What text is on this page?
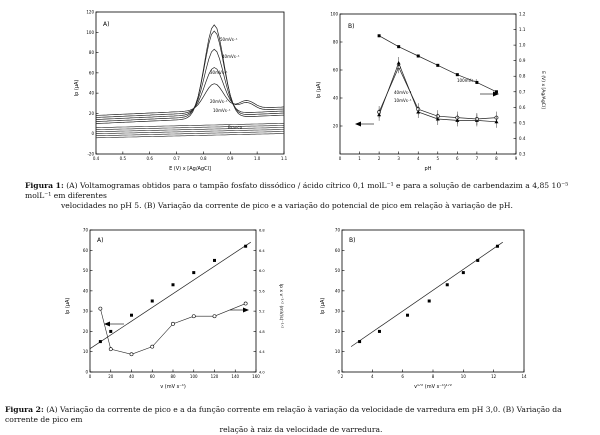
-20
0
20
40
60
80
100
120
0.4	0.5	0.6	0.7	0.8	0.9	1.0	1.1
A)
Ip (µA)
E (V) x [Ag/AgCl]
50mVs⁻¹
40mVs⁻¹
30mVs⁻¹
20mVs⁻¹
10mVs⁻¹
Branco	20
40
60
80
100
0.3
0.4
0.5
0.6
0.7
0.8
0.9
1.0
1.1
1.2
0	1	2	3	4	5	6	7	8	9
B)
Ip (µA)	E (V) x [Ag/AgCl]
pH
100mVs⁻¹
40mVs⁻¹
10mVs⁻¹
Figura 1: (A) Voltamogramas obtidos para o tampão fosfato dissódico / ácido cítrico 0,1 molL⁻¹ e para a solução de carbendazim a 4,85 10⁻⁵ molL⁻¹ em diferentes
velocidades no pH 5. (B) Variação da corrente de pico e a variação do potencial de pico em relação à variação de pH.
0
10
20
30
40
50
60
70
4.0
4.4
4.8
5.2
5.6
6.0
6.4
6.8
0	20	40	60	80	100	120	140	160
A)
Ip (µA)	Ip x v⁻¹ᐟ² (mV/s)⁻¹ᐟ²
v (mV s⁻¹)
0
10
20
30
40
50
60
70
2	4	6	8	10	12	14
B)
Ip (µA)
v¹ᐟ² (mV s⁻¹)¹ᐟ²
Figura 2: (A) Variação da corrente de pico e a da função corrente em relação à variação da velocidade de varredura em pH 3,0. (B) Variação da corrente de pico em
relação à raiz da velocidade de varredura.
